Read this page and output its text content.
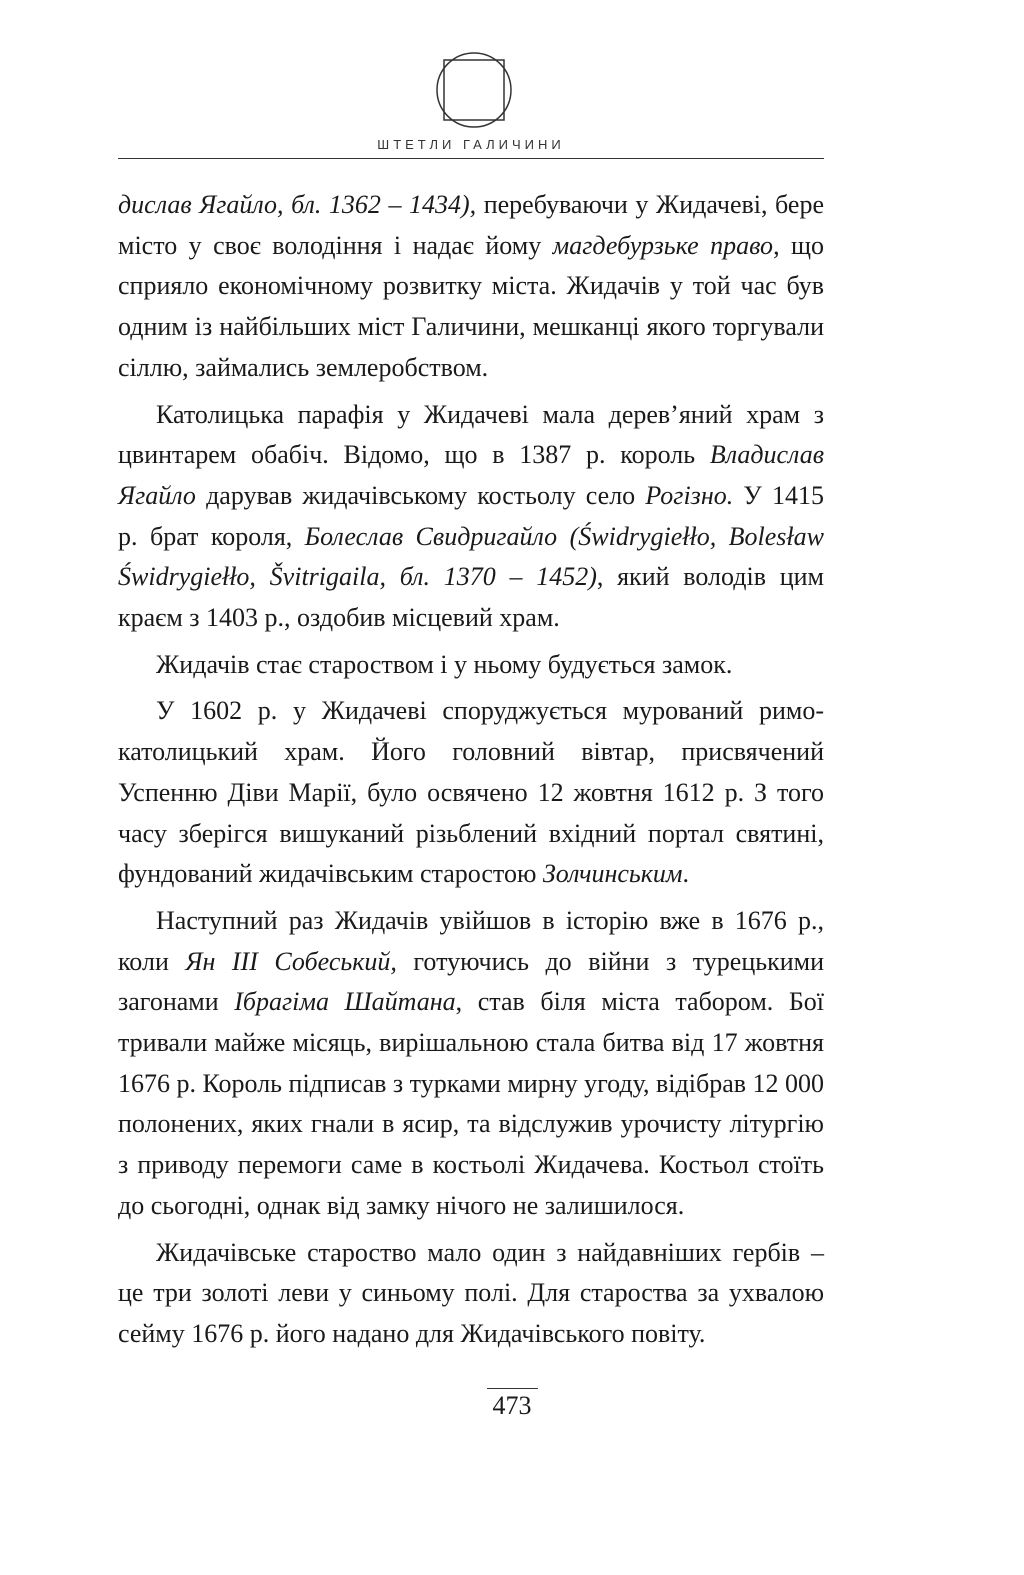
ШТЕТЛИ ГАЛИЧИНИ

дислав Ягайло, бл. 1362 – 1434), перебуваючи у Жидачеві, бере місто у своє володіння і надає йому магдебурзьке право, що сприяло економічному розвитку міста. Жидачів у той час був одним із найбільших міст Галичини, мешканці якого торгували сіллю, займались землеробством.

Католицька парафія у Жидачеві мала дерев’яний храм з цвинтарем обабіч. Відомо, що в 1387 р. король Владислав Ягайло дарував жидачівському костьолу село Рогізно. У 1415 р. брат короля, Болеслав Свидригайло (Świdrygiełło, Bolesław Świdrygiełło, Švitrigaila, бл. 1370 – 1452), який володів цим краєм з 1403 р., оздобив місцевий храм.

Жидачів стає староством і у ньому будується замок.

У 1602 р. у Жидачеві споруджується мурований римо-католицький храм. Його головний вівтар, присвячений Успенню Діви Марії, було освячено 12 жовтня 1612 р. З того часу зберігся вишуканий різьблений вхідний портал святині, фундований жидачівським старостою Золчинським.

Наступний раз Жидачів увійшов в історію вже в 1676 р., коли Ян ІІІ Собеський, готуючись до війни з турецькими загонами Ібрагіма Шайтана, став біля міста табором. Бої тривали майже місяць, вирішальною стала битва від 17 жовтня 1676 р. Король підписав з турками мирну угоду, відібрав 12 000 полонених, яких гнали в ясир, та відслужив урочисту літургію з приводу перемоги саме в костьолі Жидачева. Костьол стоїть до сьогодні, однак від замку нічого не залишилося.

Жидачівське староство мало один з найдавніших гербів – це три золоті леви у синьому полі. Для староства за ухвалою сейму 1676 р. його надано для Жидачівського повіту.

473
